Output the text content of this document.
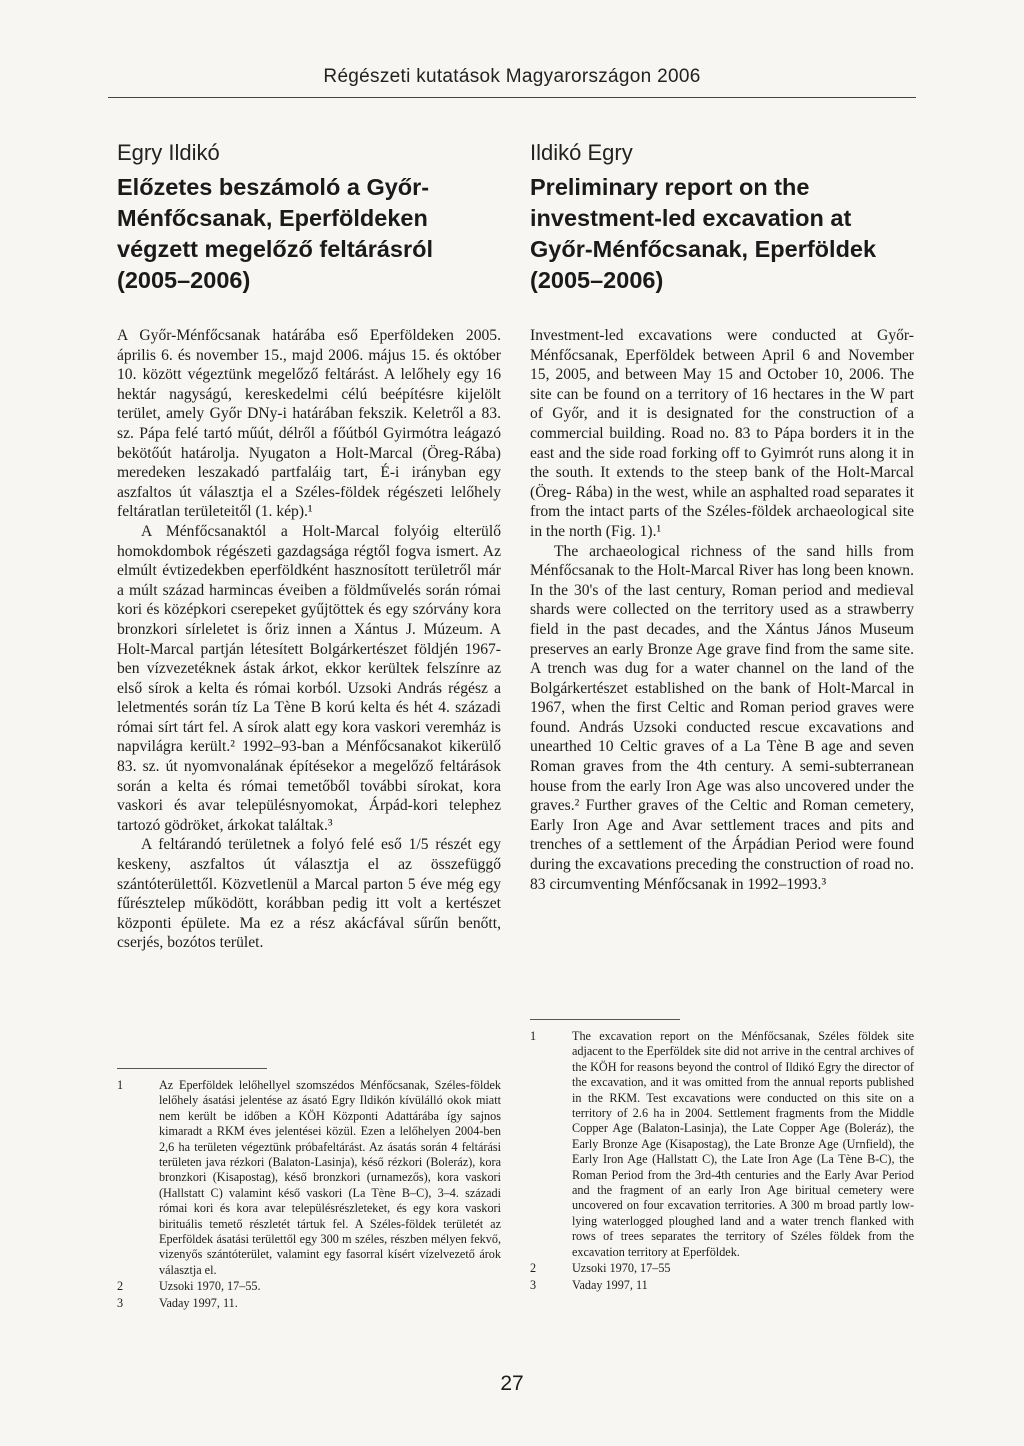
Régészeti kutatások Magyarországon 2006
Egry Ildikó
Előzetes beszámoló a Győr-Ménfőcsanak, Eperföldeken végzett megelőző feltárásról (2005–2006)

A Győr-Ménfőcsanak határába eső Eperföldeken 2005. április 6. és november 15., majd 2006. május 15. és október 10. között végeztünk megelőző feltárást. A lelőhely egy 16 hektár nagyságú, kereskedelmi célú beépítésre kijelölt terület, amely Győr DNy-i határában fekszik. Keletről a 83. sz. Pápa felé tartó műút, délről a főútból Gyirmótra leágazó bekötőút határolja. Nyugaton a Holt-Marcal (Öreg-Rába) meredeken leszakadó partfaláig tart, É-i irányban egy aszfaltos út választja el a Széles-földek régészeti lelőhely feltáratlan területeitől (1. kép).¹

A Ménfőcsanaktól a Holt-Marcal folyóig elterülő homokdombok régészeti gazdagsága régtől fogva ismert. Az elmúlt évtizedekben eperföldként hasznosított területről már a múlt század harmincas éveiben a földművelés során római kori és középkori cserepeket gyűjtöttek és egy szórvány kora bronzkori sírleletet is őriz innen a Xántus J. Múzeum. A Holt-Marcal partján létesített Bolgárkertészet földjén 1967-ben vízvezetéknek ástak árkot, ekkor kerültek felszínre az első sírok a kelta és római korból. Uzsoki András régész a leletmentés során tíz La Tène B korú kelta és hét 4. századi római sírt tárt fel. A sírok alatt egy kora vaskori veremház is napvilágra került.² 1992–93-ban a Ménfőcsanakot kikerülő 83. sz. út nyomvonalának építésekor a megelőző feltárások során a kelta és római temetőből további sírokat, kora vaskori és avar településnyomokat, Árpád-kori telephez tartozó gödröket, árkokat találtak.³

A feltárandó területnek a folyó felé eső 1/5 részét egy keskeny, aszfaltos út választja el az összefüggő szántóterülettől. Közvetlenül a Marcal parton 5 éve még egy fűrésztelep működött, korábban pedig itt volt a kertészet központi épülete. Ma ez a rész akácfával sűrűn benőtt, cserjés, bozótos terület.

Ildikó Egry
Preliminary report on the investment-led excavation at Győr-Ménfőcsanak, Eperföldek (2005–2006)

Investment-led excavations were conducted at Győr-Ménfőcsanak, Eperföldek between April 6 and November 15, 2005, and between May 15 and October 10, 2006. The site can be found on a territory of 16 hectares in the W part of Győr, and it is designated for the construction of a commercial building. Road no. 83 to Pápa borders it in the east and the side road forking off to Gyimrót runs along it in the south. It extends to the steep bank of the Holt-Marcal (Öreg- Rába) in the west, while an asphalted road separates it from the intact parts of the Széles-földek archaeological site in the north (Fig. 1).¹

The archaeological richness of the sand hills from Ménfőcsanak to the Holt-Marcal River has long been known. In the 30's of the last century, Roman period and medieval shards were collected on the territory used as a strawberry field in the past decades, and the Xántus János Museum preserves an early Bronze Age grave find from the same site. A trench was dug for a water channel on the land of the Bolgárkertészet established on the bank of Holt-Marcal in 1967, when the first Celtic and Roman period graves were found. András Uzsoki conducted rescue excavations and unearthed 10 Celtic graves of a La Tène B age and seven Roman graves from the 4th century. A semi-subterranean house from the early Iron Age was also uncovered under the graves.² Further graves of the Celtic and Roman cemetery, Early Iron Age and Avar settlement traces and pits and trenches of a settlement of the Árpádian Period were found during the excavations preceding the construction of road no. 83 circumventing Ménfőcsanak in 1992–1993.³

1	Az Eperföldek lelőhellyel szomszédos Ménfőcsanak, Széles-földek lelőhely ásatási jelentése az ásató Egry Ildikón kívülálló okok miatt nem került be időben a KÖH Központi Adattárába így sajnos kimaradt a RKM éves jelentései közül. Ezen a lelőhelyen 2004-ben 2,6 ha területen végeztünk próbafeltárást. Az ásatás során 4 feltárási területen java rézkori (Balaton-Lasinja), késő rézkori (Boleráz), kora bronzkori (Kisapostag), késő bronzkori (urnamezős), kora vaskori (Hallstatt C) valamint késő vaskori (La Tène B–C), 3–4. századi római kori és kora avar településrészleteket, és egy kora vaskori birituális temető részletét tártuk fel. A Széles-földek területét az Eperföldek ásatási területtől egy 300 m széles, részben mélyen fekvő, vizenyős szántóterület, valamint egy fasorral kísért vízelvezető árok választja el.
2	Uzsoki 1970, 17–55.
3	Vaday 1997, 11.
1	The excavation report on the Ménfőcsanak, Széles földek site adjacent to the Eperföldek site did not arrive in the central archives of the KÖH for reasons beyond the control of Ildikó Egry the director of the excavation, and it was omitted from the annual reports published in the RKM. Test excavations were conducted on this site on a territory of 2.6 ha in 2004. Settlement fragments from the Middle Copper Age (Balaton-Lasinja), the Late Copper Age (Boleráz), the Early Bronze Age (Kisapostag), the Late Bronze Age (Urnfield), the Early Iron Age (Hallstatt C), the Late Iron Age (La Tène B-C), the Roman Period from the 3rd-4th centuries and the Early Avar Period and the fragment of an early Iron Age biritual cemetery were uncovered on four excavation territories. A 300 m broad partly low-lying waterlogged ploughed land and a water trench flanked with rows of trees separates the territory of Széles földek from the excavation territory at Eperföldek.
2	Uzsoki 1970, 17–55
3	Vaday 1997, 11
27
